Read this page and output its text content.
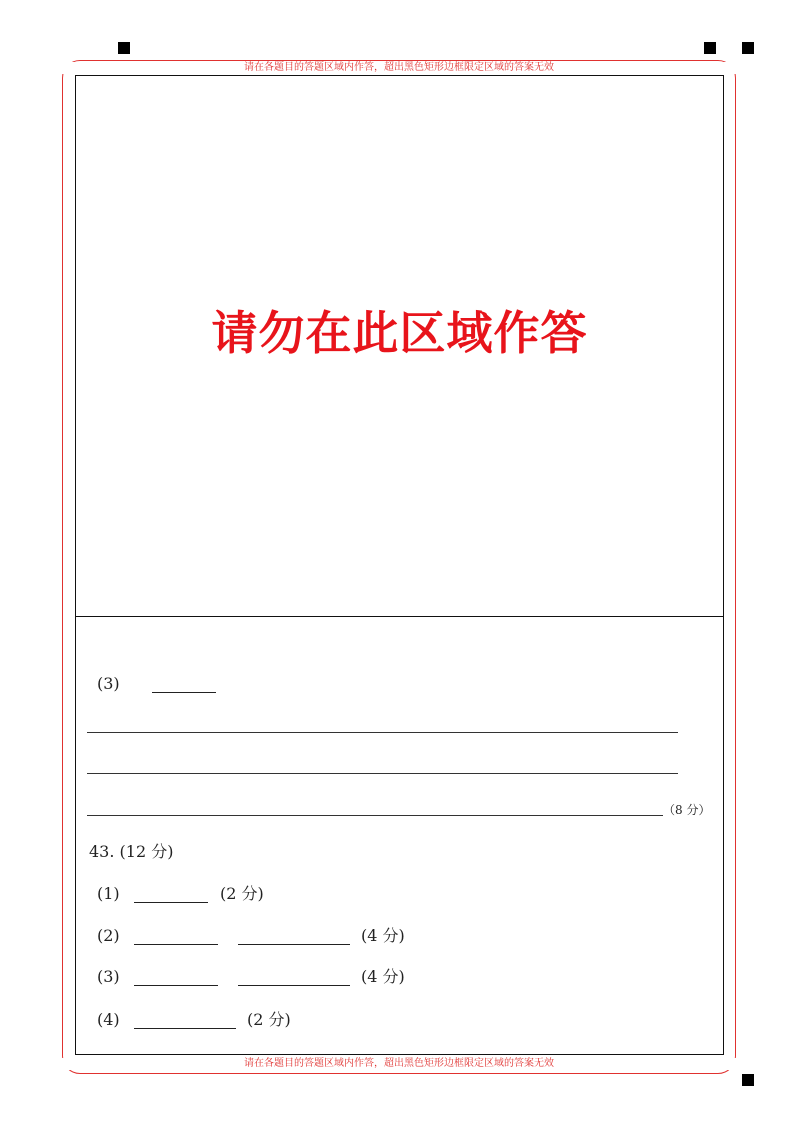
请在各题目的答题区域内作答，超出黑色矩形边框限定区域的答案无效
请在各题目的答题区域内作答，超出黑色矩形边框限定区域的答案无效
请勿在此区域作答
(3)
（8 分）
43. (12 分)
(1)	(2 分)
(2)	(4 分)
(3)	(4 分)
(4)	(2 分)
